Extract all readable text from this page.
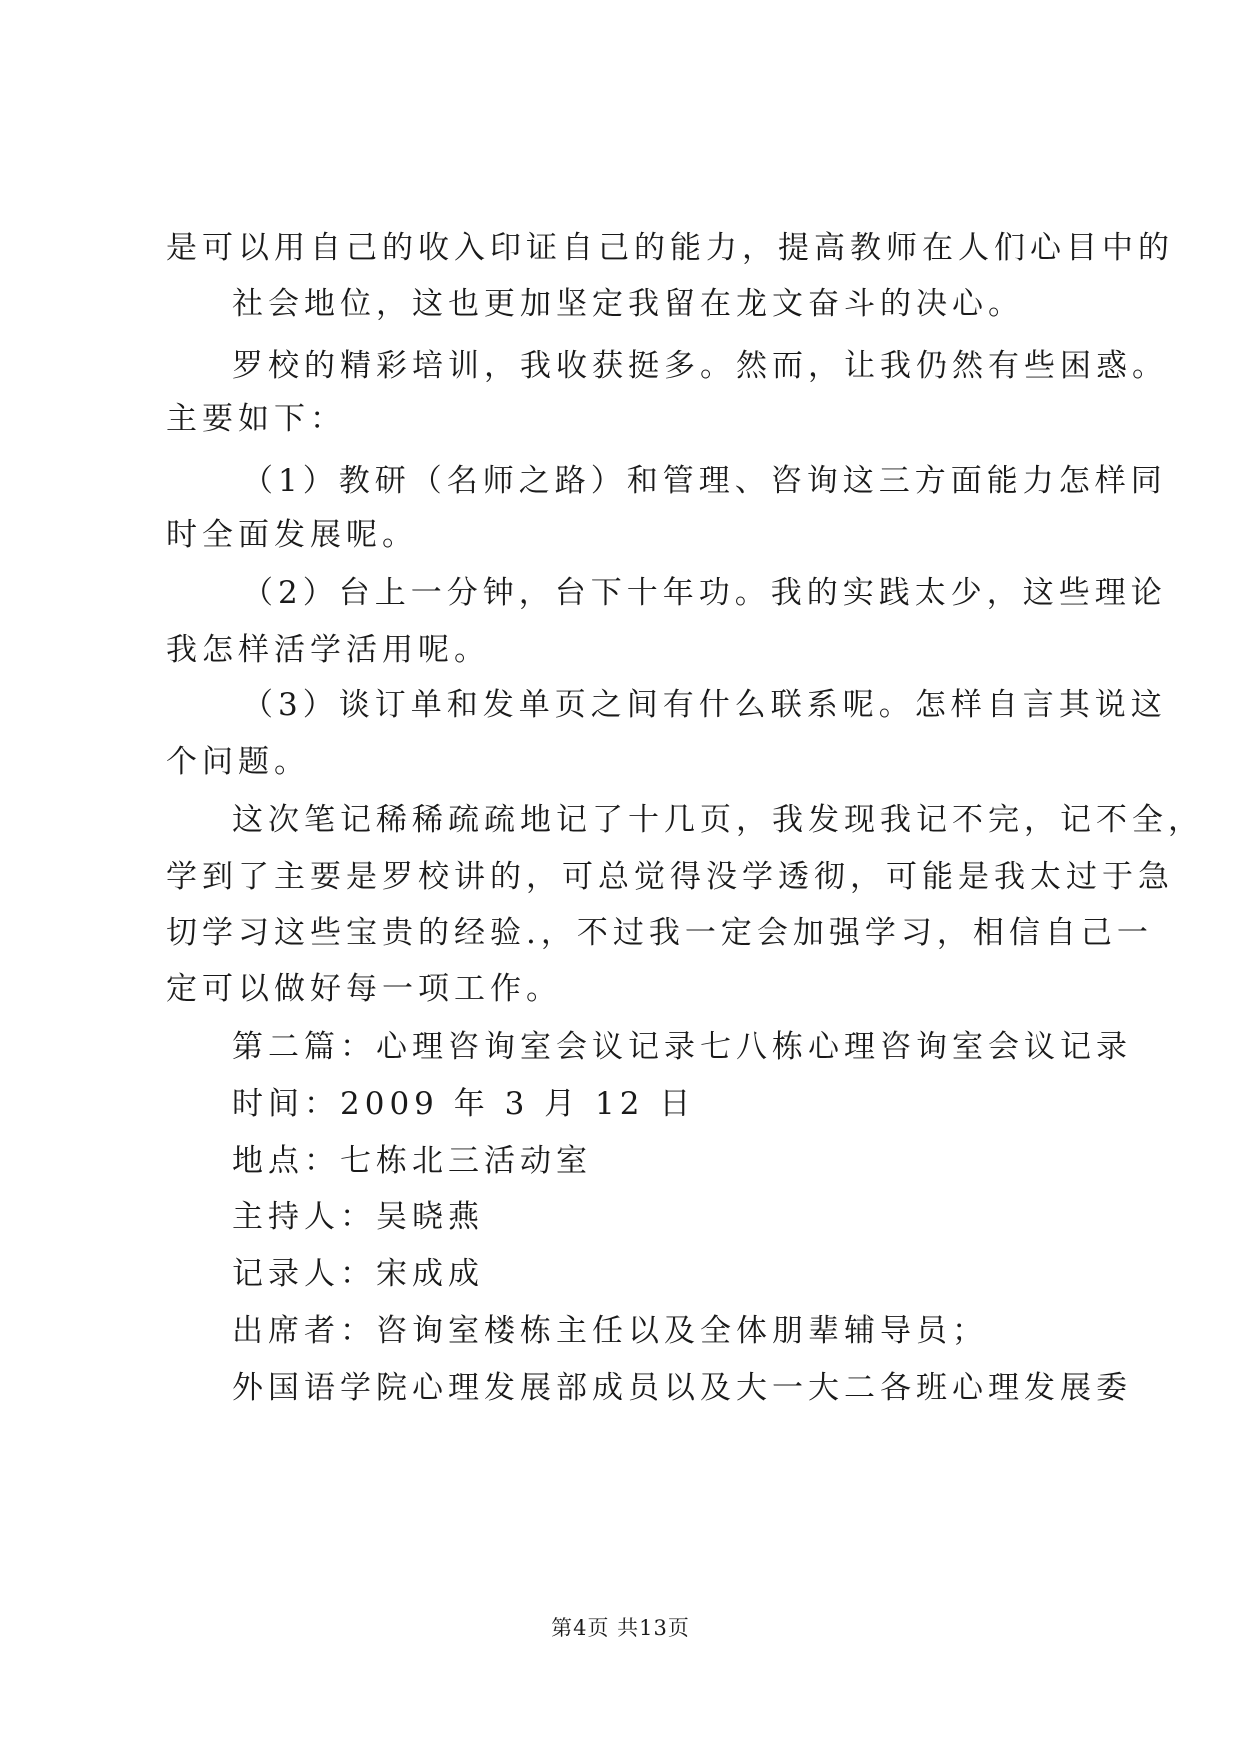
是可以用自己的收入印证自己的能力，提高教师在人们心目中的
社会地位，这也更加坚定我留在龙文奋斗的决心。
罗校的精彩培训，我收获挺多。然而，让我仍然有些困惑。
主要如下：
（1）教研（名师之路）和管理、咨询这三方面能力怎样同
时全面发展呢。
（2）台上一分钟，台下十年功。我的实践太少，这些理论
我怎样活学活用呢。
（3）谈订单和发单页之间有什么联系呢。怎样自言其说这
个问题。
这次笔记稀稀疏疏地记了十几页，我发现我记不完，记不全，
学到了主要是罗校讲的，可总觉得没学透彻，可能是我太过于急
切学习这些宝贵的经验.，不过我一定会加强学习，相信自己一
定可以做好每一项工作。
第二篇：心理咨询室会议记录七八栋心理咨询室会议记录
时间：2009 年 3 月 12 日
地点：七栋北三活动室
主持人：吴晓燕
记录人：宋成成
出席者：咨询室楼栋主任以及全体朋辈辅导员；
外国语学院心理发展部成员以及大一大二各班心理发展委
第4页 共13页
